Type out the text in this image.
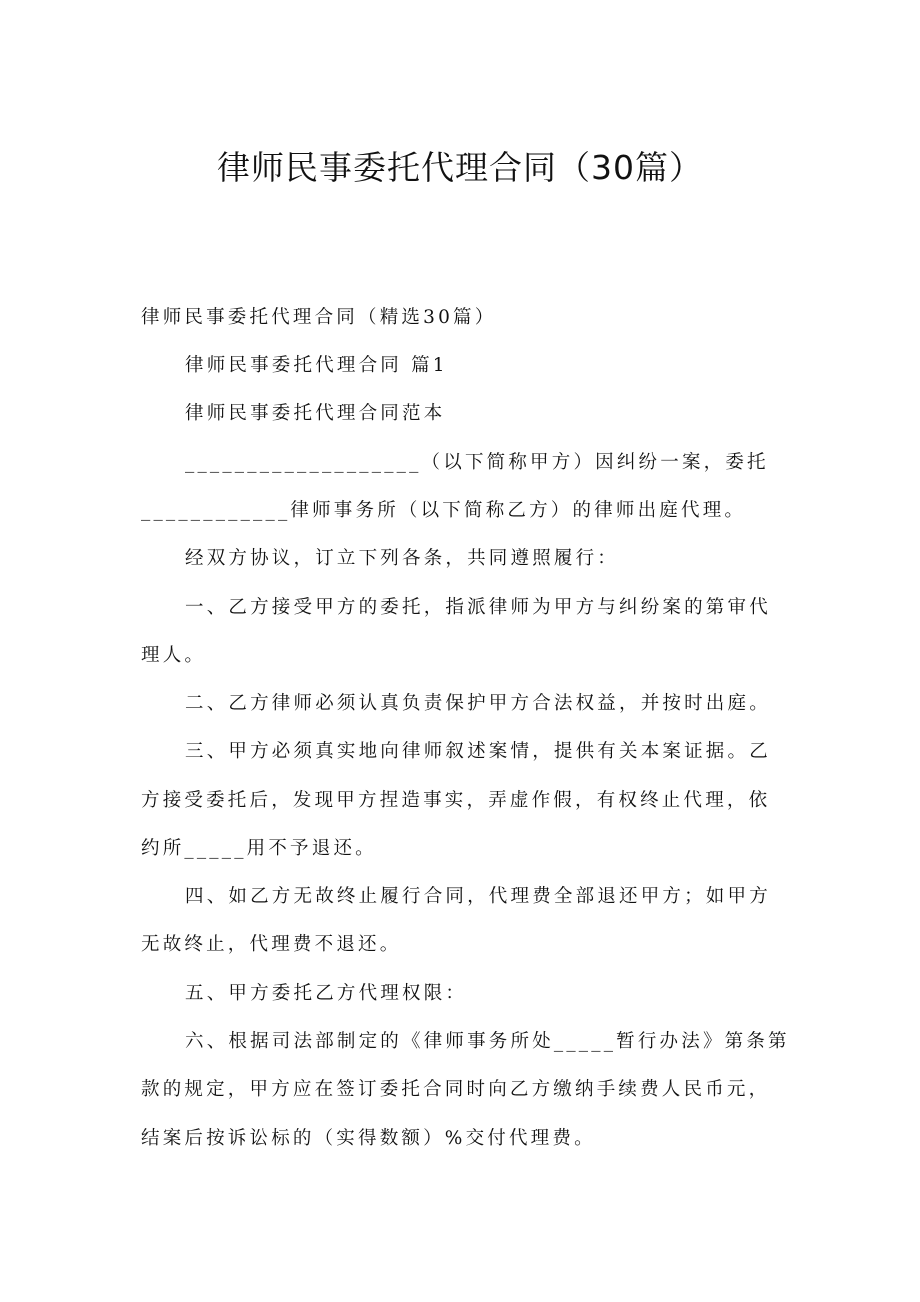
律师民事委托代理合同（30篇）
律师民事委托代理合同（精选30篇）
律师民事委托代理合同 篇1
律师民事委托代理合同范本
___________________（以下简称甲方）因纠纷一案，委托
____________律师事务所（以下简称乙方）的律师出庭代理。
经双方协议，订立下列各条，共同遵照履行：
一、乙方接受甲方的委托，指派律师为甲方与纠纷案的第审代
理人。
二、乙方律师必须认真负责保护甲方合法权益，并按时出庭。
三、甲方必须真实地向律师叙述案情，提供有关本案证据。乙
方接受委托后，发现甲方捏造事实，弄虚作假，有权终止代理，依
约所_____用不予退还。
四、如乙方无故终止履行合同，代理费全部退还甲方；如甲方
无故终止，代理费不退还。
五、甲方委托乙方代理权限：
六、根据司法部制定的《律师事务所处_____暂行办法》第条第
款的规定，甲方应在签订委托合同时向乙方缴纳手续费人民币元，
结案后按诉讼标的（实得数额）%交付代理费。
